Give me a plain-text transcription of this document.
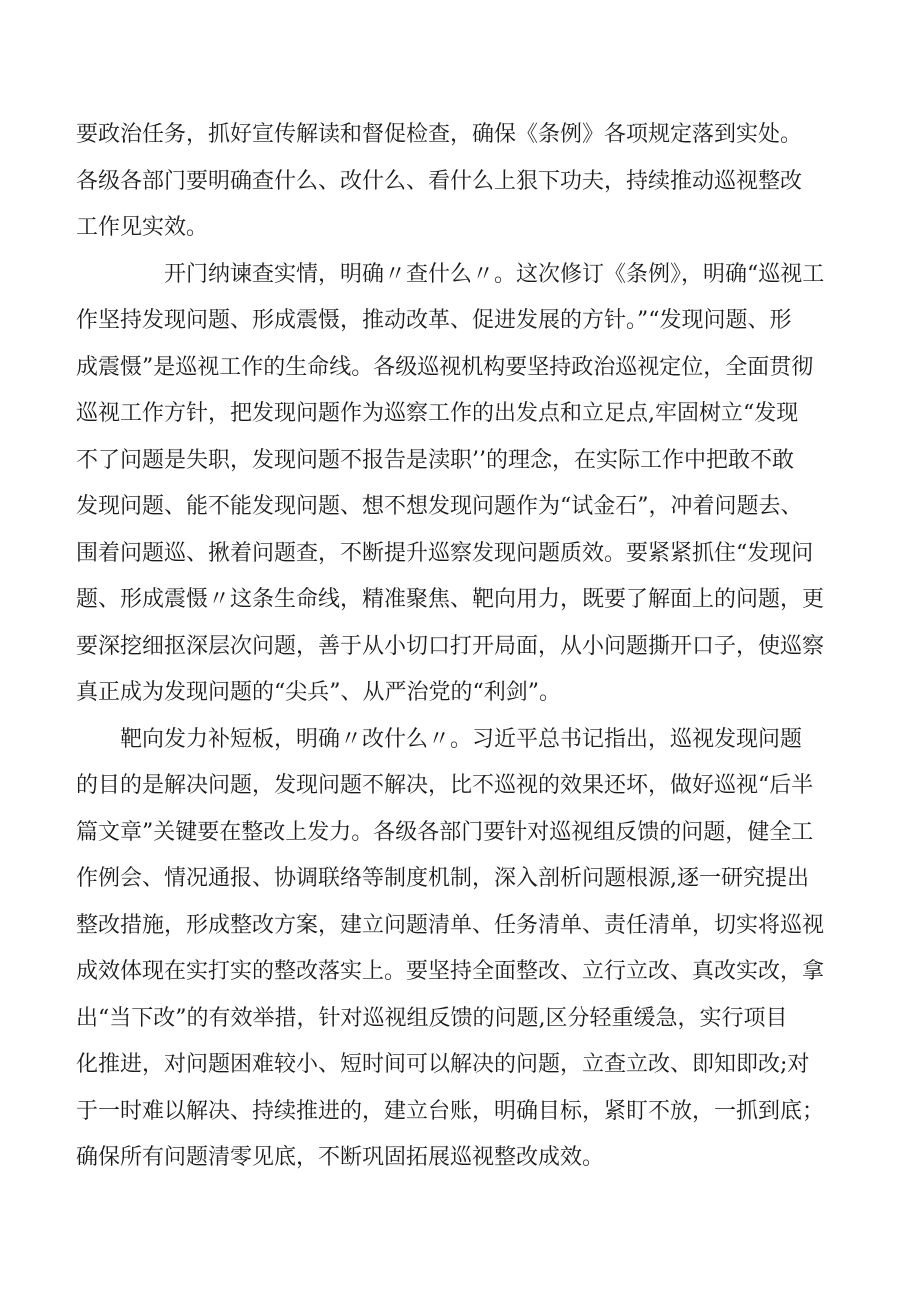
要政治任务，抓好宣传解读和督促检查，确保《条例》各项规定落到实处。
各级各部门要明确查什么、改什么、看什么上狠下功夫，持续推动巡视整改
工作见实效。

开门纳谏查实情，明确〃查什么〃。这次修订《条例》，明确“巡视工
作坚持发现问题、形成震慑，推动改革、促进发展的方针。”“发现问题、形
成震慑”是巡视工作的生命线。各级巡视机构要坚持政治巡视定位，全面贯彻
巡视工作方针，把发现问题作为巡察工作的出发点和立足点,牢固树立“发现
不了问题是失职，发现问题不报告是渎职’’的理念，在实际工作中把敢不敢
发现问题、能不能发现问题、想不想发现问题作为“试金石”，冲着问题去、
围着问题巡、揪着问题查，不断提升巡察发现问题质效。要紧紧抓住“发现问
题、形成震慑〃这条生命线，精准聚焦、靶向用力，既要了解面上的问题，更
要深挖细抠深层次问题，善于从小切口打开局面，从小问题撕开口子，使巡察
真正成为发现问题的“尖兵”、从严治党的“利剑”。

靶向发力补短板，明确〃改什么〃。习近平总书记指出，巡视发现问题
的目的是解决问题，发现问题不解决，比不巡视的效果还坏，做好巡视“后半
篇文章”关键要在整改上发力。各级各部门要针对巡视组反馈的问题，健全工
作例会、情况通报、协调联络等制度机制，深入剖析问题根源,逐一研究提出
整改措施，形成整改方案，建立问题清单、任务清单、责任清单，切实将巡视
成效体现在实打实的整改落实上。要坚持全面整改、立行立改、真改实改，拿
出“当下改”的有效举措，针对巡视组反馈的问题,区分轻重缓急，实行项目
化推进，对问题困难较小、短时间可以解决的问题，立查立改、即知即改;对
于一时难以解决、持续推进的，建立台账，明确目标，紧盯不放，一抓到底；
确保所有问题清零见底，不断巩固拓展巡视整改成效。
